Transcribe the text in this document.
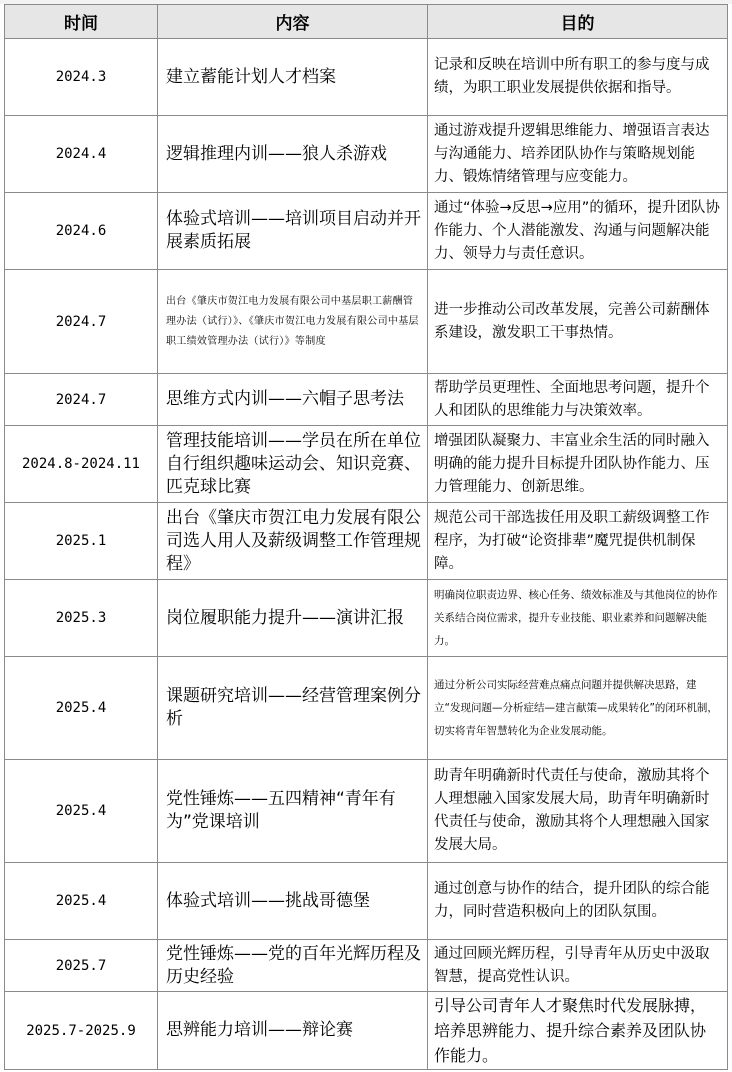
时间	内容	目的
2024.3	建立蓄能计划人才档案	记录和反映在培训中所有职工的参与度与成绩，为职工职业发展提供依据和指导。
2024.4	逻辑推理内训——狼人杀游戏	通过游戏提升逻辑思维能力、增强语言表达与沟通能力、培养团队协作与策略规划能力、锻炼情绪管理与应变能力。
2024.6	体验式培训——培训项目启动并开展素质拓展	通过“体验→反思→应用”的循环，提升团队协作能力、个人潜能激发、沟通与问题解决能力、领导力与责任意识。
2024.7	出台《肇庆市贺江电力发展有限公司中基层职工薪酬管理办法（试行）》、《肇庆市贺江电力发展有限公司中基层职工绩效管理办法（试行）》等制度	进一步推动公司改革发展，完善公司薪酬体系建设，激发职工干事热情。
2024.7	思维方式内训——六帽子思考法	帮助学员更理性、全面地思考问题，提升个人和团队的思维能力与决策效率。
2024.8-2024.11	管理技能培训——学员在所在单位自行组织趣味运动会、知识竞赛、匹克球比赛	增强团队凝聚力、丰富业余生活的同时融入明确的能力提升目标提升团队协作能力、压力管理能力、创新思维。
2025.1	出台《肇庆市贺江电力发展有限公司选人用人及薪级调整工作管理规程》	规范公司干部选拔任用及职工薪级调整工作程序，为打破“论资排辈”魔咒提供机制保障。
2025.3	岗位履职能力提升——演讲汇报	明确岗位职责边界、核心任务、绩效标准及与其他岗位的协作关系结合岗位需求，提升专业技能、职业素养和问题解决能力。
2025.4	课题研究培训——经营管理案例分析	通过分析公司实际经营难点痛点问题并提供解决思路，建立“发现问题—分析症结—建言献策—成果转化”的闭环机制，切实将青年智慧转化为企业发展动能。
2025.4	党性锤炼——五四精神“青年有为”党课培训	助青年明确新时代责任与使命，激励其将个人理想融入国家发展大局，助青年明确新时代责任与使命，激励其将个人理想融入国家发展大局。
2025.4	体验式培训——挑战哥德堡	通过创意与协作的结合，提升团队的综合能力，同时营造积极向上的团队氛围。
2025.7	党性锤炼——党的百年光辉历程及历史经验	通过回顾光辉历程，引导青年从历史中汲取智慧，提高党性认识。
2025.7-2025.9	思辨能力培训——辩论赛	引导公司青年人才聚焦时代发展脉搏，培养思辨能力、提升综合素养及团队协作能力。
